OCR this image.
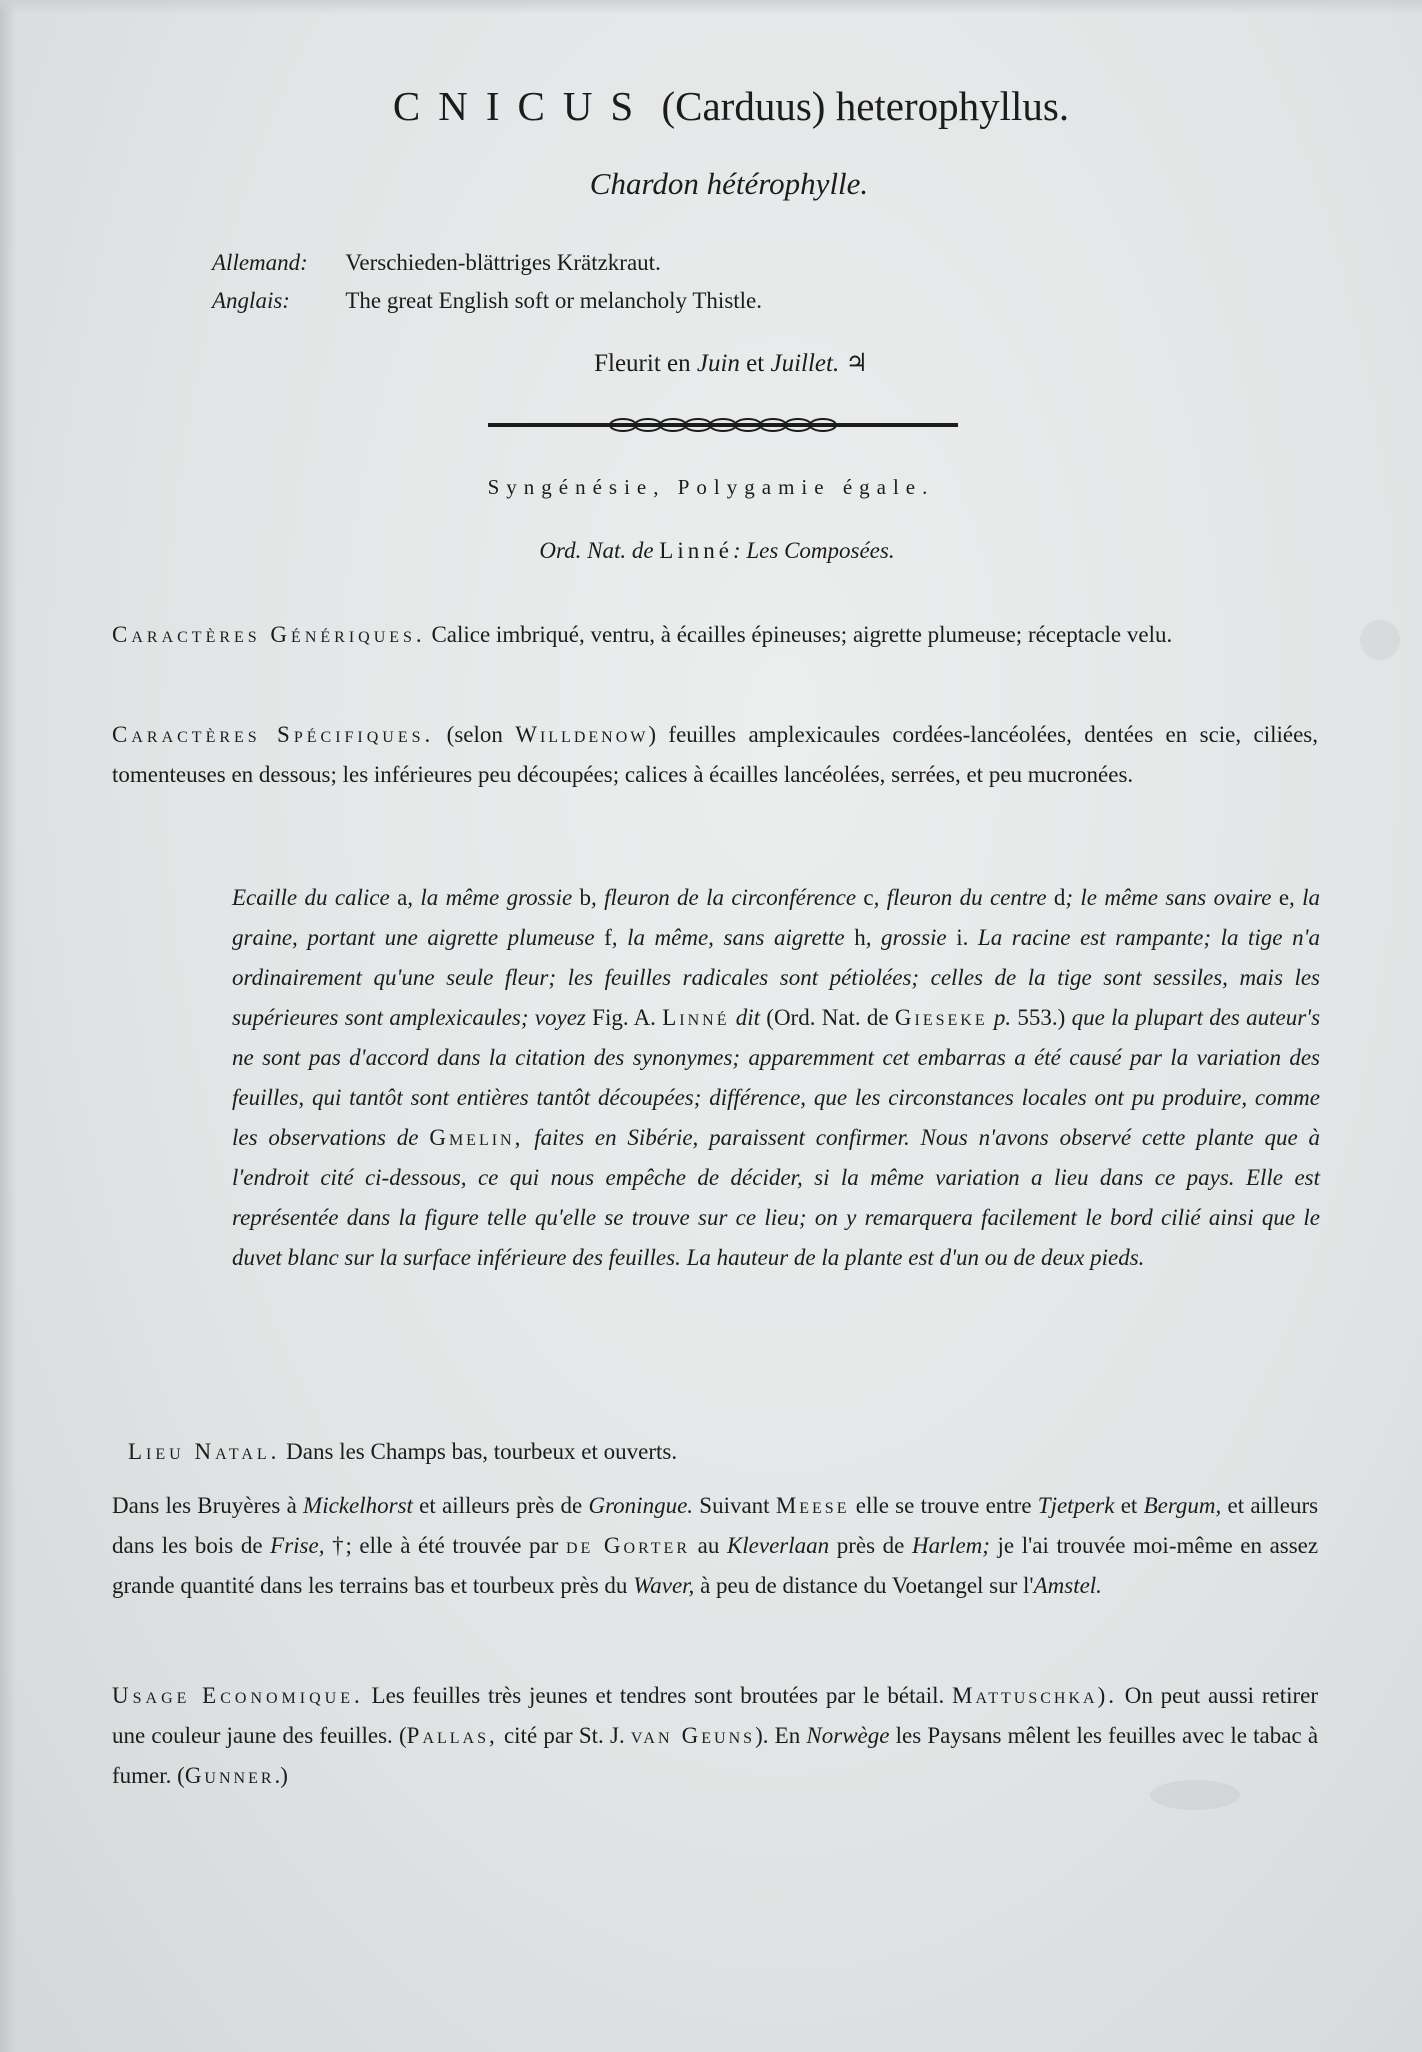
CNICUS (Carduus) heterophyllus.
Chardon hétérophylle.
Allemand: Verschieden-blättriges Krätzkraut.
Anglais: The great English soft or melancholy Thistle.
Fleurit en Juin et Juillet. ♃
Syngénésie, Polygamie égale.
Ord. Nat. de Linné: Les Composées.
Caractères Génériques. Calice imbriqué, ventru, à écailles épineuses; aigrette plumeuse; réceptacle velu.
Caractères Spécifiques. (selon Willdenow) feuilles amplexicaules cordées-lancéolées, dentées en scie, ciliées, tomenteuses en dessous; les inférieures peu découpées; calices à écailles lancéolées, serrées, et peu mucronées.
Ecaille du calice a, la même grossie b, fleuron de la circonférence c, fleuron du centre d; le même sans ovaire e, la graine, portant une aigrette plumeuse f, la même, sans aigrette h, grossie i. La racine est rampante; la tige n'a ordinairement qu'une seule fleur; les feuilles radicales sont pétiolées; celles de la tige sont sessiles, mais les supérieures sont amplexicaules; voyez Fig. A. Linné dit (Ord. Nat. de Gieseke p. 553.) que la plupart des auteur's ne sont pas d'accord dans la citation des synonymes; apparemment cet embarras a été causé par la variation des feuilles, qui tantôt sont entières tantôt découpées; différence, que les circonstances locales ont pu produire, comme les observations de Gmelin, faites en Sibérie, paraissent confirmer. Nous n'avons observé cette plante que à l'endroit cité ci-dessous, ce qui nous empêche de décider, si la même variation a lieu dans ce pays. Elle est représentée dans la figure telle qu'elle se trouve sur ce lieu; on y remarquera facilement le bord cilié ainsi que le duvet blanc sur la surface inférieure des feuilles. La hauteur de la plante est d'un ou de deux pieds.
Lieu Natal. Dans les Champs bas, tourbeux et ouverts.
Dans les Bruyères à Mickelhorst et ailleurs près de Groningue. Suivant Meese elle se trouve entre Tjetperk et Bergum, et ailleurs dans les bois de Frise, †; elle à été trouvée par de Gorter au Kleverlaan près de Harlem; je l'ai trouvée moi-même en assez grande quantité dans les terrains bas et tourbeux près du Waver, à peu de distance du Voetangel sur l'Amstel.
Usage Economique. Les feuilles très jeunes et tendres sont broutées par le bétail. Mattuschka). On peut aussi retirer une couleur jaune des feuilles. (Pallas, cité par St. J. van Geuns). En Norwège les Paysans mêlent les feuilles avec le tabac à fumer. (Gunner.)
